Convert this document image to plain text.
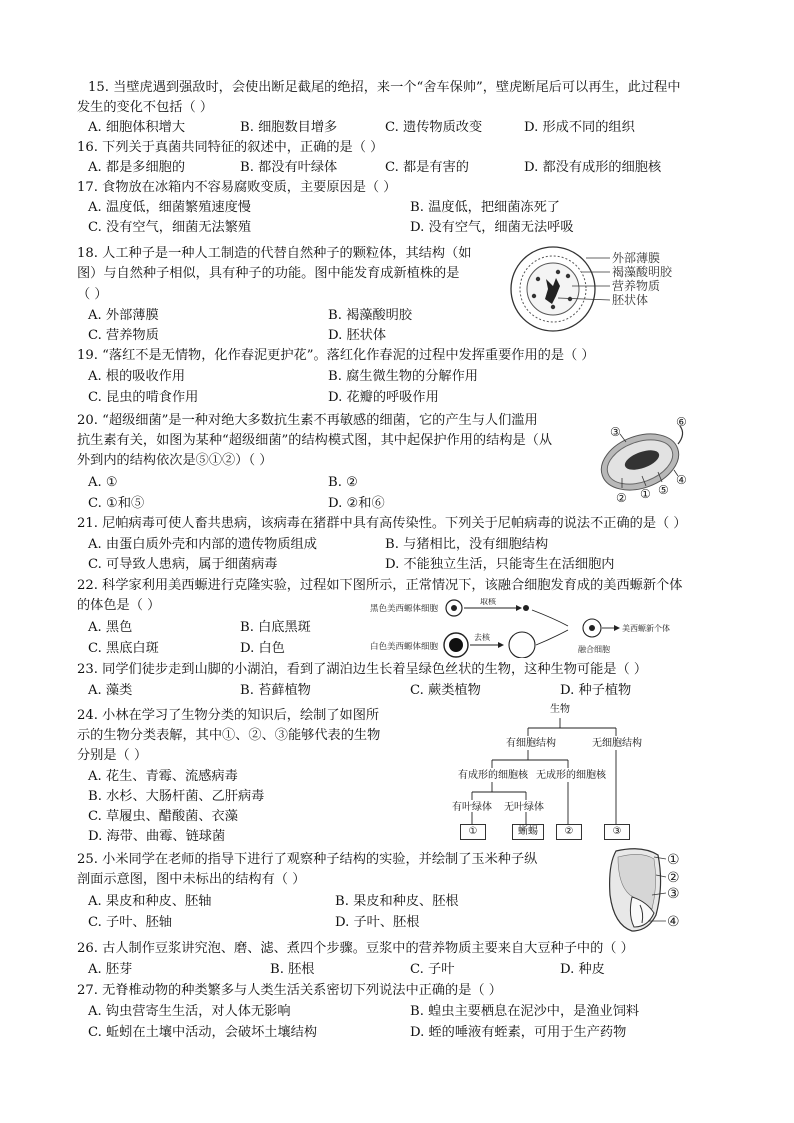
15. 当壁虎遇到强敌时，会使出断足截尾的绝招，来一个“舍车保帅”，壁虎断尾后可以再生，此过程中
发生的变化不包括（ ）
A. 细胞体积增大	B. 细胞数目增多	C. 遗传物质改变	D. 形成不同的组织
16. 下列关于真菌共同特征的叙述中，正确的是（ ）
A. 都是多细胞的	B. 都没有叶绿体	C. 都是有害的	D. 都没有成形的细胞核
17. 食物放在冰箱内不容易腐败变质，主要原因是（ ）
A. 温度低，细菌繁殖速度慢	B. 温度低，把细菌冻死了
C. 没有空气，细菌无法繁殖	D. 没有空气，细菌无法呼吸
18. 人工种子是一种人工制造的代替自然种子的颗粒体，其结构（如
图）与自然种子相似，具有种子的功能。图中能发育成新植株的是
（ ）
A. 外部薄膜	B. 褐藻酸明胶
C. 营养物质	D. 胚状体
外部薄膜
褐藻酸明胶
营养物质
胚状体
19. “落红不是无情物，化作春泥更护花”。落红化作春泥的过程中发挥重要作用的是（ ）
A. 根的吸收作用	B. 腐生微生物的分解作用
C. 昆虫的啃食作用	D. 花瓣的呼吸作用
20. “超级细菌”是一种对绝大多数抗生素不再敏感的细菌，它的产生与人们滥用
抗生素有关，如图为某种“超级细菌”的结构模式图，其中起保护作用的结构是（从
外到内的结构依次是⑤①②）（ ）
A. ①	B. ②
C. ①和⑤	D. ②和⑥
③
⑥
④
⑤
①
②
21. 尼帕病毒可使人畜共患病，该病毒在猪群中具有高传染性。下列关于尼帕病毒的说法不正确的是（ ）
A. 由蛋白质外壳和内部的遗传物质组成	B. 与猪相比，没有细胞结构
C. 可导致人患病，属于细菌病毒	D. 不能独立生活，只能寄生在活细胞内
22. 科学家利用美西螈进行克隆实验，过程如下图所示，正常情况下，该融合细胞发育成的美西螈新个体
的体色是（ ）
A. 黑色	B. 白底黑斑
C. 黑底白斑	D. 白色
黑色美西螈体细胞
取核
白色美西螈体细胞
去核
美西螈新个体
融合细胞
23. 同学们徒步走到山脚的小湖泊，看到了湖泊边生长着呈绿色丝状的生物，这种生物可能是（ ）
A. 藻类	B. 苔藓植物	C. 蕨类植物	D. 种子植物
24. 小林在学习了生物分类的知识后，绘制了如图所
示的生物分类表解，其中①、②、③能够代表的生物
分别是（ ）
A. 花生、青霉、流感病毒
B. 水杉、大肠杆菌、乙肝病毒
C. 草履虫、醋酸菌、衣藻
D. 海带、曲霉、链球菌
生物
有细胞结构	无细胞结构
有成形的细胞核 无成形的细胞核
有叶绿体 无叶绿体
①	蜥蜴	②	③
25. 小米同学在老师的指导下进行了观察种子结构的实验，并绘制了玉米种子纵
剖面示意图，图中未标出的结构有（ ）
A. 果皮和种皮、胚轴	B. 果皮和种皮、胚根
C. 子叶、胚轴	D. 子叶、胚根
①
②
③
④
26. 古人制作豆浆讲究泡、磨、滤、煮四个步骤。豆浆中的营养物质主要来自大豆种子中的（ ）
A. 胚芽	B. 胚根	C. 子叶	D. 种皮
27. 无脊椎动物的种类繁多与人类生活关系密切下列说法中正确的是（ ）
A. 钩虫营寄生生活，对人体无影响	B. 蝗虫主要栖息在泥沙中，是渔业饲料
C. 蚯蚓在土壤中活动，会破坏土壤结构	D. 蛭的唾液有蛭素，可用于生产药物
